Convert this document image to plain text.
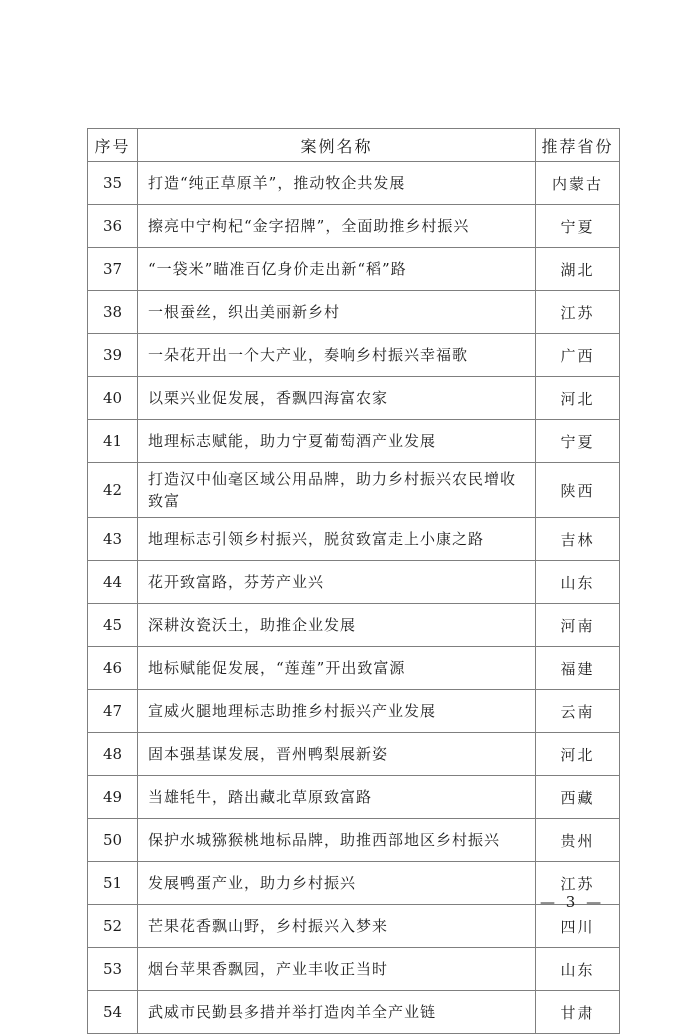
序号	案例名称	推荐省份
35	打造“纯正草原羊”，推动牧企共发展	内蒙古
36	擦亮中宁枸杞“金字招牌”，全面助推乡村振兴	宁夏
37	“一袋米”瞄准百亿身价走出新“稻”路	湖北
38	一根蚕丝，织出美丽新乡村	江苏
39	一朵花开出一个大产业，奏响乡村振兴幸福歌	广西
40	以栗兴业促发展，香飘四海富农家	河北
41	地理标志赋能，助力宁夏葡萄酒产业发展	宁夏
42	打造汉中仙毫区域公用品牌，助力乡村振兴农民增收致富	陕西
43	地理标志引领乡村振兴，脱贫致富走上小康之路	吉林
44	花开致富路，芬芳产业兴	山东
45	深耕汝瓷沃土，助推企业发展	河南
46	地标赋能促发展，“莲莲”开出致富源	福建
47	宣威火腿地理标志助推乡村振兴产业发展	云南
48	固本强基谋发展，晋州鸭梨展新姿	河北
49	当雄牦牛，踏出藏北草原致富路	西藏
50	保护水城猕猴桃地标品牌，助推西部地区乡村振兴	贵州
51	发展鸭蛋产业，助力乡村振兴	江苏
52	芒果花香飘山野，乡村振兴入梦来	四川
53	烟台苹果香飘园，产业丰收正当时	山东
54	武威市民勤县多措并举打造肉羊全产业链	甘肃
— 3 —
